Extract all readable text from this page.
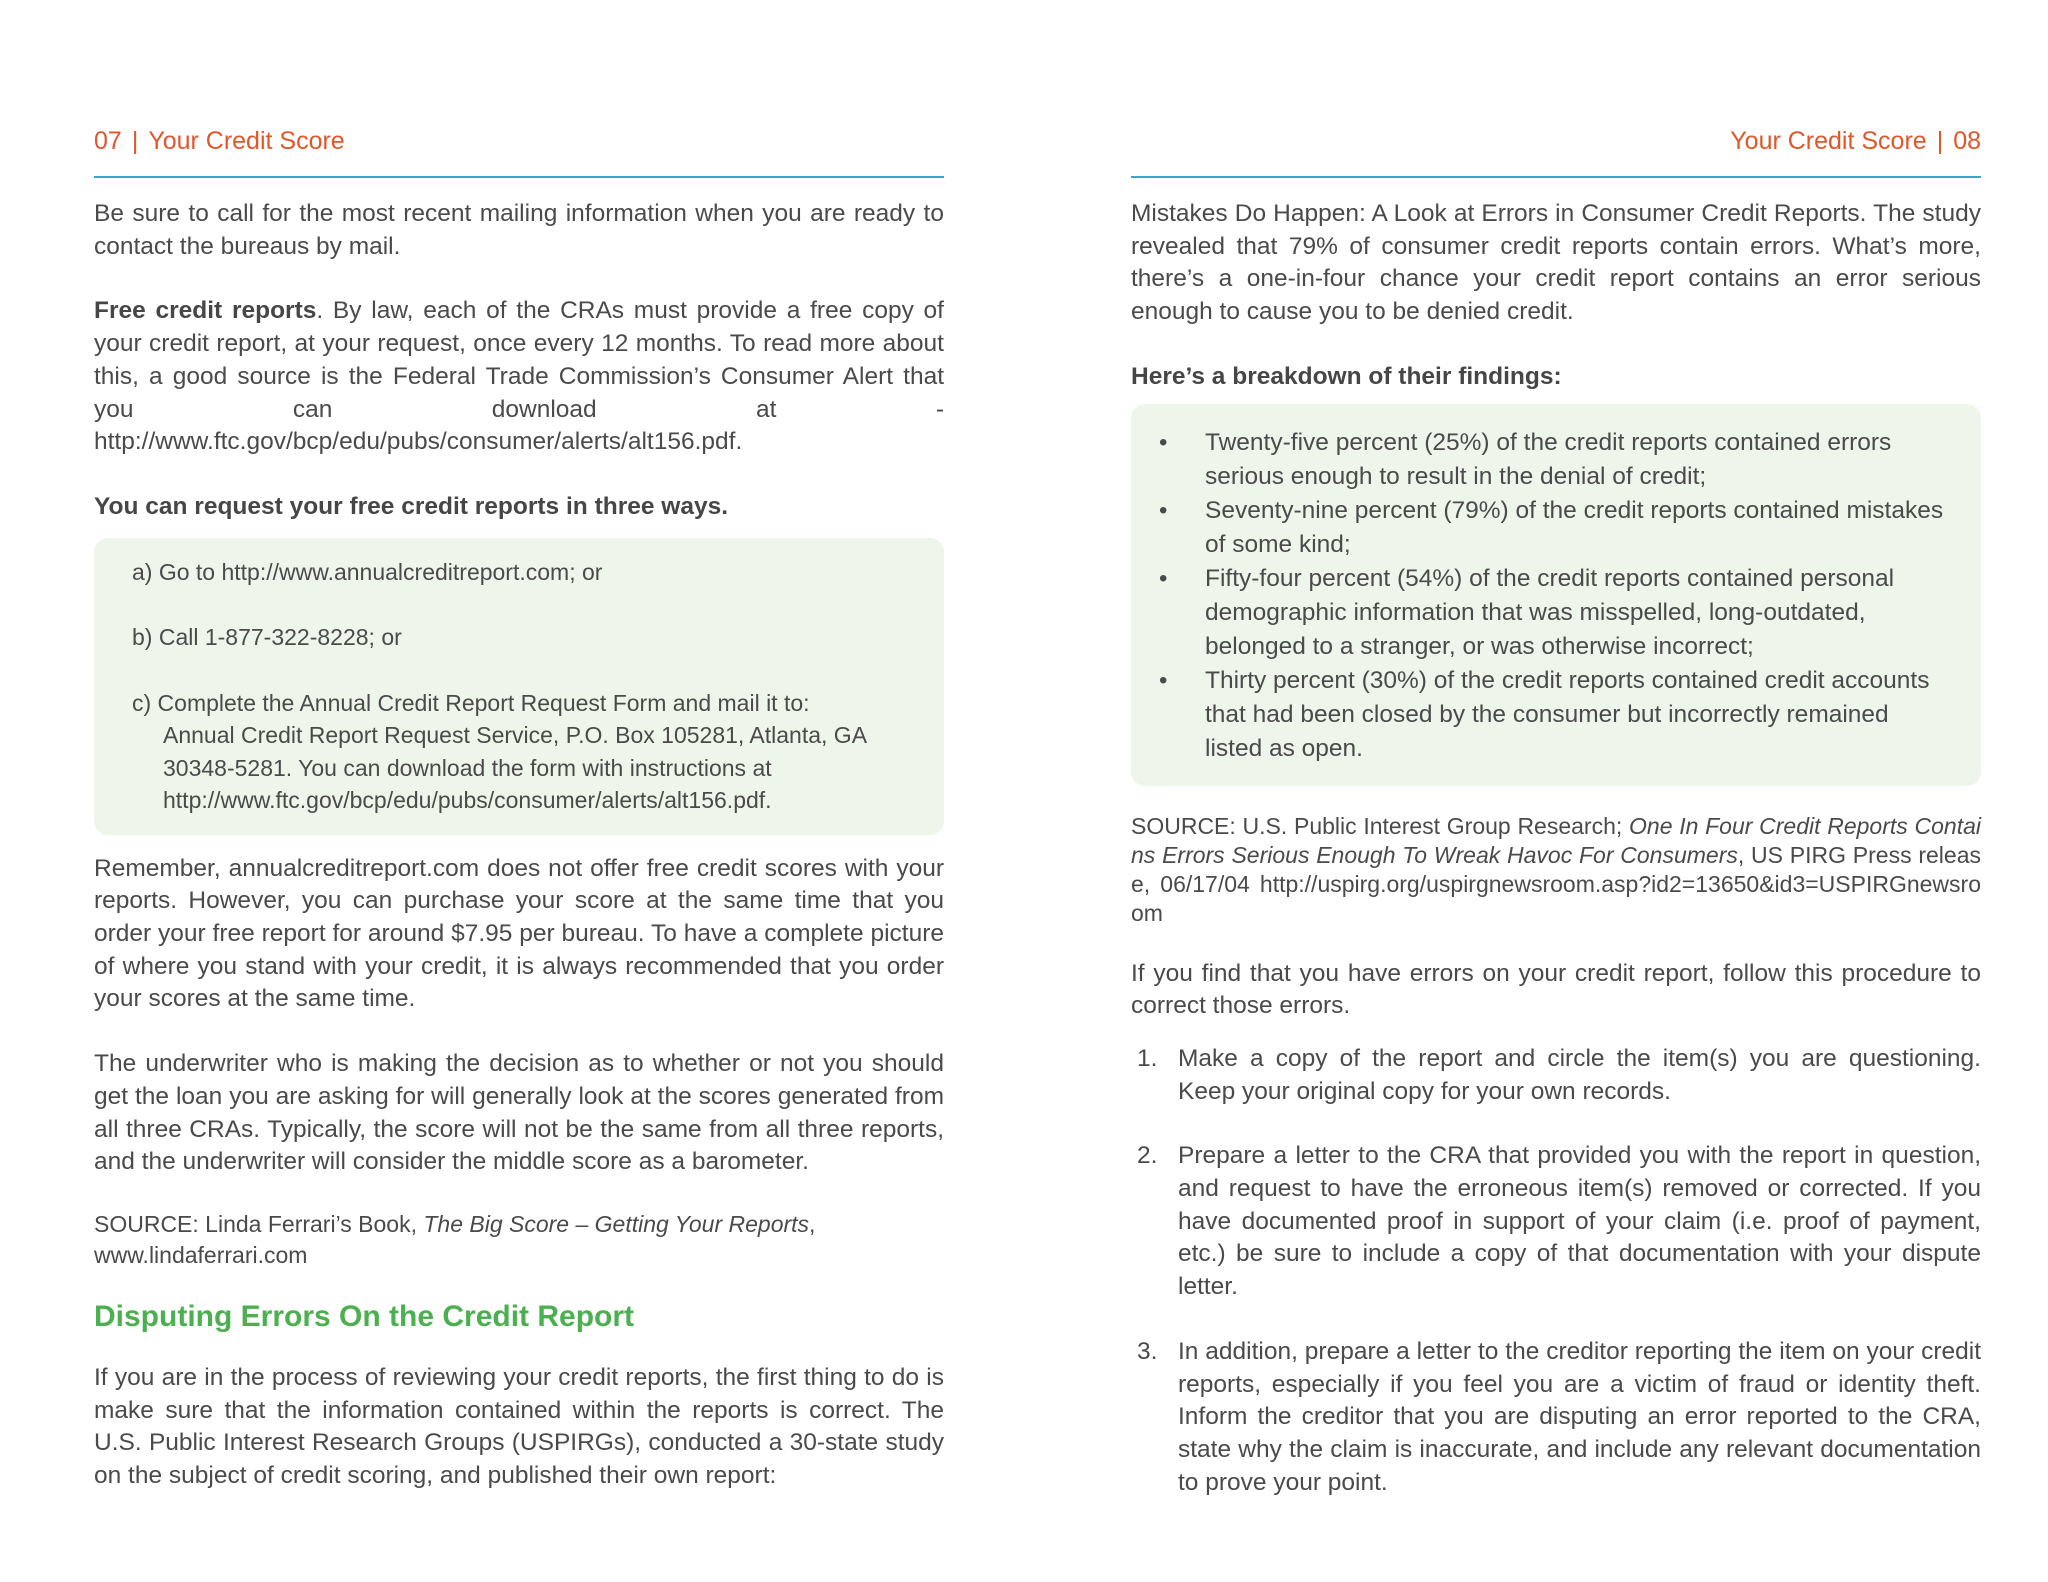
07 | Your Credit Score

Be sure to call for the most recent mailing information when you are ready to contact the bureaus by mail.

Free credit reports. By law, each of the CRAs must provide a free copy of your credit report, at your request, once every 12 months. To read more about this, a good source is the Federal Trade Commission’s Consumer Alert that you can download at - http://www.ftc.gov/bcp/edu/pubs/consumer/alerts/alt156.pdf.

You can request your free credit reports in three ways.

a) Go to http://www.annualcreditreport.com; or
b) Call 1-877-322-8228; or
c) Complete the Annual Credit Report Request Form and mail it to:
Annual Credit Report Request Service, P.O. Box 105281, Atlanta, GA 30348-5281. You can download the form with instructions at http://www.ftc.gov/bcp/edu/pubs/consumer/alerts/alt156.pdf.

Remember, annualcreditreport.com does not offer free credit scores with your reports. However, you can purchase your score at the same time that you order your free report for around $7.95 per bureau. To have a complete picture of where you stand with your credit, it is always recommended that you order your scores at the same time.

The underwriter who is making the decision as to whether or not you should get the loan you are asking for will generally look at the scores generated from all three CRAs. Typically, the score will not be the same from all three reports, and the underwriter will consider the middle score as a barometer.

SOURCE: Linda Ferrari’s Book, The Big Score – Getting Your Reports,
www.lindaferrari.com
Disputing Errors On the Credit Report

If you are in the process of reviewing your credit reports, the first thing to do is make sure that the information contained within the reports is correct. The U.S. Public Interest Research Groups (USPIRGs), conducted a 30-state study on the subject of credit scoring, and published their own report:

Your Credit Score | 08

Mistakes Do Happen: A Look at Errors in Consumer Credit Reports. The study revealed that 79% of consumer credit reports contain errors. What’s more, there’s a one-in-four chance your credit report contains an error serious enough to cause you to be denied credit.

Here’s a breakdown of their findings:

• Twenty-five percent (25%) of the credit reports contained errors serious enough to result in the denial of credit;
• Seventy-nine percent (79%) of the credit reports contained mistakes of some kind;
• Fifty-four percent (54%) of the credit reports contained personal demographic information that was misspelled, long-outdated, belonged to a stranger, or was otherwise incorrect;
• Thirty percent (30%) of the credit reports contained credit accounts that had been closed by the consumer but incorrectly remained listed as open.
SOURCE: U.S. Public Interest Group Research; One In Four Credit Reports Contains Errors Serious Enough To Wreak Havoc For Consumers, US PIRG Press release, 06/17/04 http://uspirg.org/uspirgnewsroom.asp?id2=13650&id3=USPIRGnewsroom

If you find that you have errors on your credit report, follow this procedure to correct those errors.

1. Make a copy of the report and circle the item(s) you are questioning. Keep your original copy for your own records.

2. Prepare a letter to the CRA that provided you with the report in question, and request to have the erroneous item(s) removed or corrected. If you have documented proof in support of your claim (i.e. proof of payment, etc.) be sure to include a copy of that documentation with your dispute letter.

3. In addition, prepare a letter to the creditor reporting the item on your credit reports, especially if you feel you are a victim of fraud or identity theft. Inform the creditor that you are disputing an error reported to the CRA, state why the claim is inaccurate, and include any relevant documentation to prove your point.
